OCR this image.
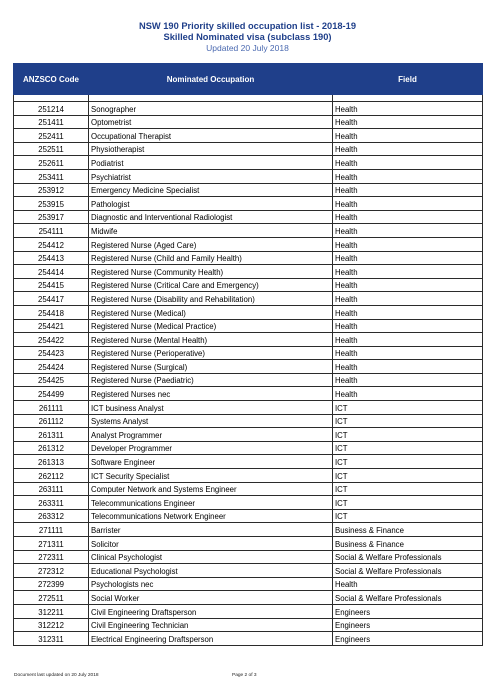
NSW 190 Priority skilled occupation list - 2018-19
Skilled Nominated visa (subclass 190)
Updated 20 July 2018
ANZSCO Code	Nominated Occupation	Field

251214	Sonographer	Health
251411	Optometrist	Health
252411	Occupational Therapist	Health
252511	Physiotherapist	Health
252611	Podiatrist	Health
253411	Psychiatrist	Health
253912	Emergency Medicine Specialist	Health
253915	Pathologist	Health
253917	Diagnostic and Interventional Radiologist	Health
254111	Midwife	Health
254412	Registered Nurse (Aged Care)	Health
254413	Registered Nurse (Child and Family Health)	Health
254414	Registered Nurse (Community Health)	Health
254415	Registered Nurse (Critical Care and Emergency)	Health
254417	Registered Nurse (Disability and Rehabilitation)	Health
254418	Registered Nurse (Medical)	Health
254421	Registered Nurse (Medical Practice)	Health
254422	Registered Nurse (Mental Health)	Health
254423	Registered Nurse (Perioperative)	Health
254424	Registered Nurse (Surgical)	Health
254425	Registered Nurse (Paediatric)	Health
254499	Registered Nurses nec	Health
261111	ICT business Analyst	ICT
261112	Systems Analyst	ICT
261311	Analyst Programmer	ICT
261312	Developer Programmer	ICT
261313	Software Engineer	ICT
262112	ICT Security Specialist	ICT
263111	Computer Network and Systems Engineer	ICT
263311	Telecommunications Engineer	ICT
263312	Telecommunications Network Engineer	ICT
271111	Barrister	Business & Finance
271311	Solicitor	Business & Finance
272311	Clinical Psychologist	Social & Welfare Professionals
272312	Educational Psychologist	Social & Welfare Professionals
272399	Psychologists nec	Health
272511	Social Worker	Social & Welfare Professionals
312211	Civil Engineering Draftsperson	Engineers
312212	Civil Engineering Technician	Engineers
312311	Electrical Engineering Draftsperson	Engineers
Document last updated on 20 July 2018	Page 2 of 3
